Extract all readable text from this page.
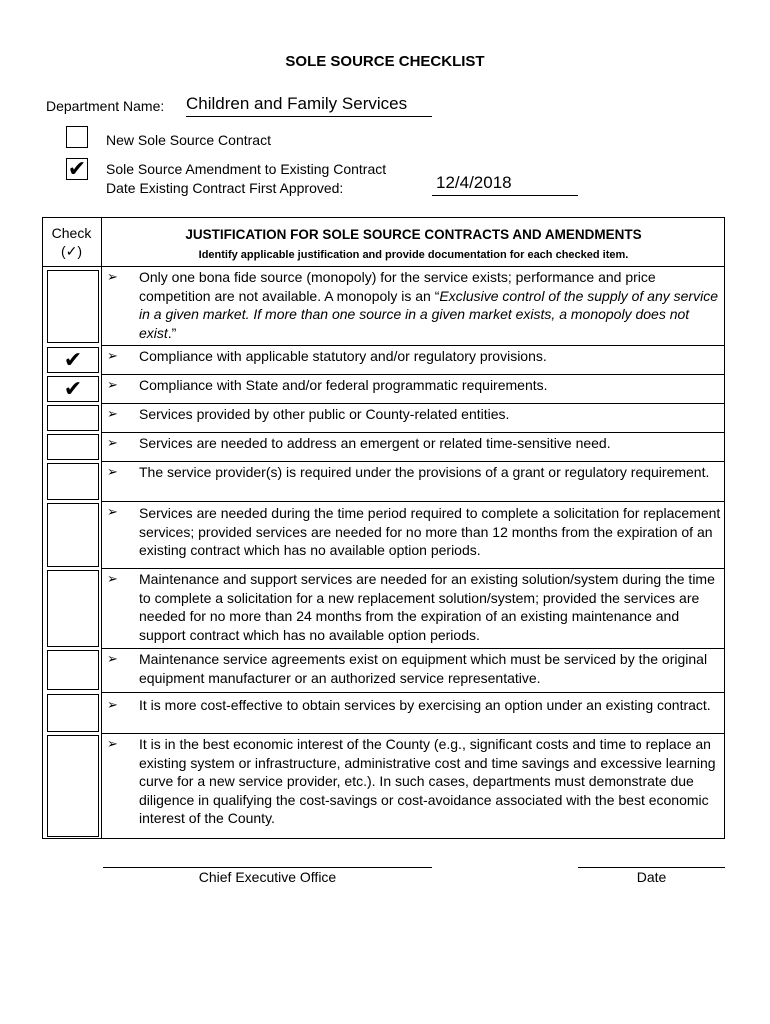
SOLE SOURCE CHECKLIST
Department Name: Children and Family Services
New Sole Source Contract
✔ Sole Source Amendment to Existing Contract
Date Existing Contract First Approved:	12/4/2018
Check
(✓)
JUSTIFICATION FOR SOLE SOURCE CONTRACTS AND AMENDMENTS
Identify applicable justification and provide documentation for each checked item.
✔
✔
➢
➢
➢
➢
➢
➢
➢
➢
➢
➢
➢
Only one bona fide source (monopoly) for the service exists; performance and price competition are not available. A monopoly is an “Exclusive control of the supply of any service in a given market. If more than one source in a given market exists, a monopoly does not exist.”
Compliance with applicable statutory and/or regulatory provisions.
Compliance with State and/or federal programmatic requirements.
Services provided by other public or County-related entities.
Services are needed to address an emergent or related time-sensitive need.
The service provider(s) is required under the provisions of a grant or regulatory requirement.
Services are needed during the time period required to complete a solicitation for replacement services; provided services are needed for no more than 12 months from the expiration of an existing contract which has no available option periods.
Maintenance and support services are needed for an existing solution/system during the time to complete a solicitation for a new replacement solution/system; provided the services are needed for no more than 24 months from the expiration of an existing maintenance and support contract which has no available option periods.
Maintenance service agreements exist on equipment which must be serviced by the original equipment manufacturer or an authorized service representative.
It is more cost-effective to obtain services by exercising an option under an existing contract.
It is in the best economic interest of the County (e.g., significant costs and time to replace an existing system or infrastructure, administrative cost and time savings and excessive learning curve for a new service provider, etc.). In such cases, departments must demonstrate due diligence in qualifying the cost-savings or cost-avoidance associated with the best economic interest of the County.
Chief Executive Office	Date
